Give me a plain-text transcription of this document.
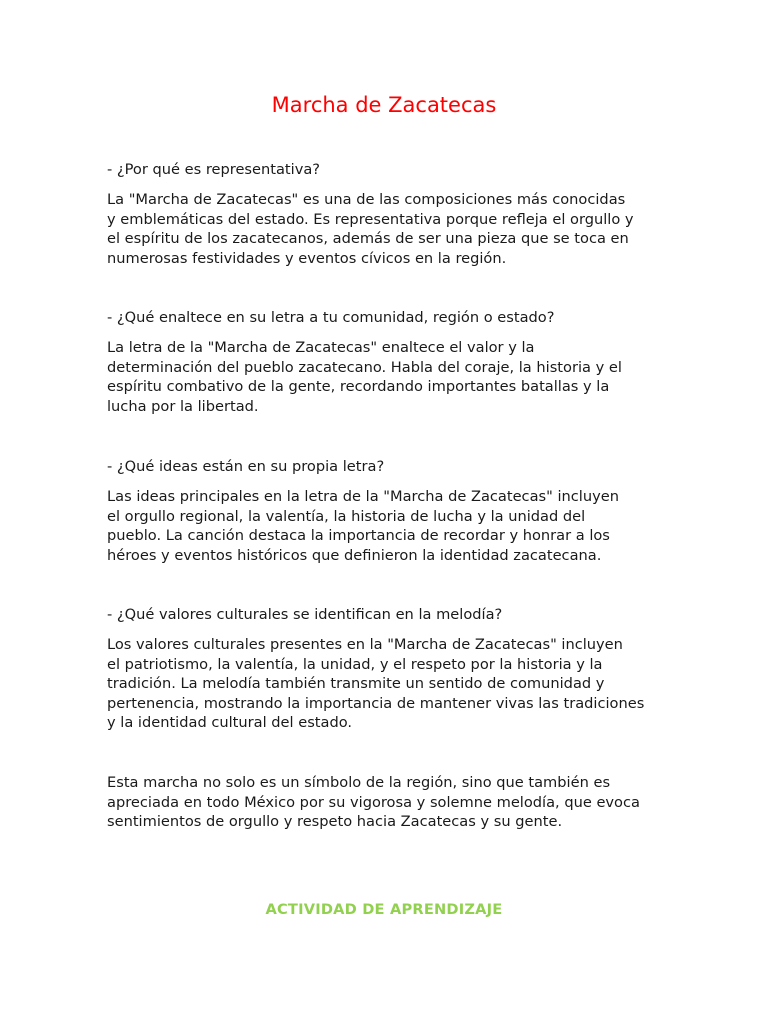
Marcha de Zacatecas

- ¿Por qué es representativa?

La "Marcha de Zacatecas" es una de las composiciones más conocidas
y emblemáticas del estado. Es representativa porque refleja el orgullo y
el espíritu de los zacatecanos, además de ser una pieza que se toca en
numerosas festividades y eventos cívicos en la región.

- ¿Qué enaltece en su letra a tu comunidad, región o estado?

La letra de la "Marcha de Zacatecas" enaltece el valor y la
determinación del pueblo zacatecano. Habla del coraje, la historia y el
espíritu combativo de la gente, recordando importantes batallas y la
lucha por la libertad.

- ¿Qué ideas están en su propia letra?

Las ideas principales en la letra de la "Marcha de Zacatecas" incluyen
el orgullo regional, la valentía, la historia de lucha y la unidad del
pueblo. La canción destaca la importancia de recordar y honrar a los
héroes y eventos históricos que definieron la identidad zacatecana.

- ¿Qué valores culturales se identifican en la melodía?

Los valores culturales presentes en la "Marcha de Zacatecas" incluyen
el patriotismo, la valentía, la unidad, y el respeto por la historia y la
tradición. La melodía también transmite un sentido de comunidad y
pertenencia, mostrando la importancia de mantener vivas las tradiciones
y la identidad cultural del estado.

Esta marcha no solo es un símbolo de la región, sino que también es
apreciada en todo México por su vigorosa y solemne melodía, que evoca
sentimientos de orgullo y respeto hacia Zacatecas y su gente.

ACTIVIDAD DE APRENDIZAJE
